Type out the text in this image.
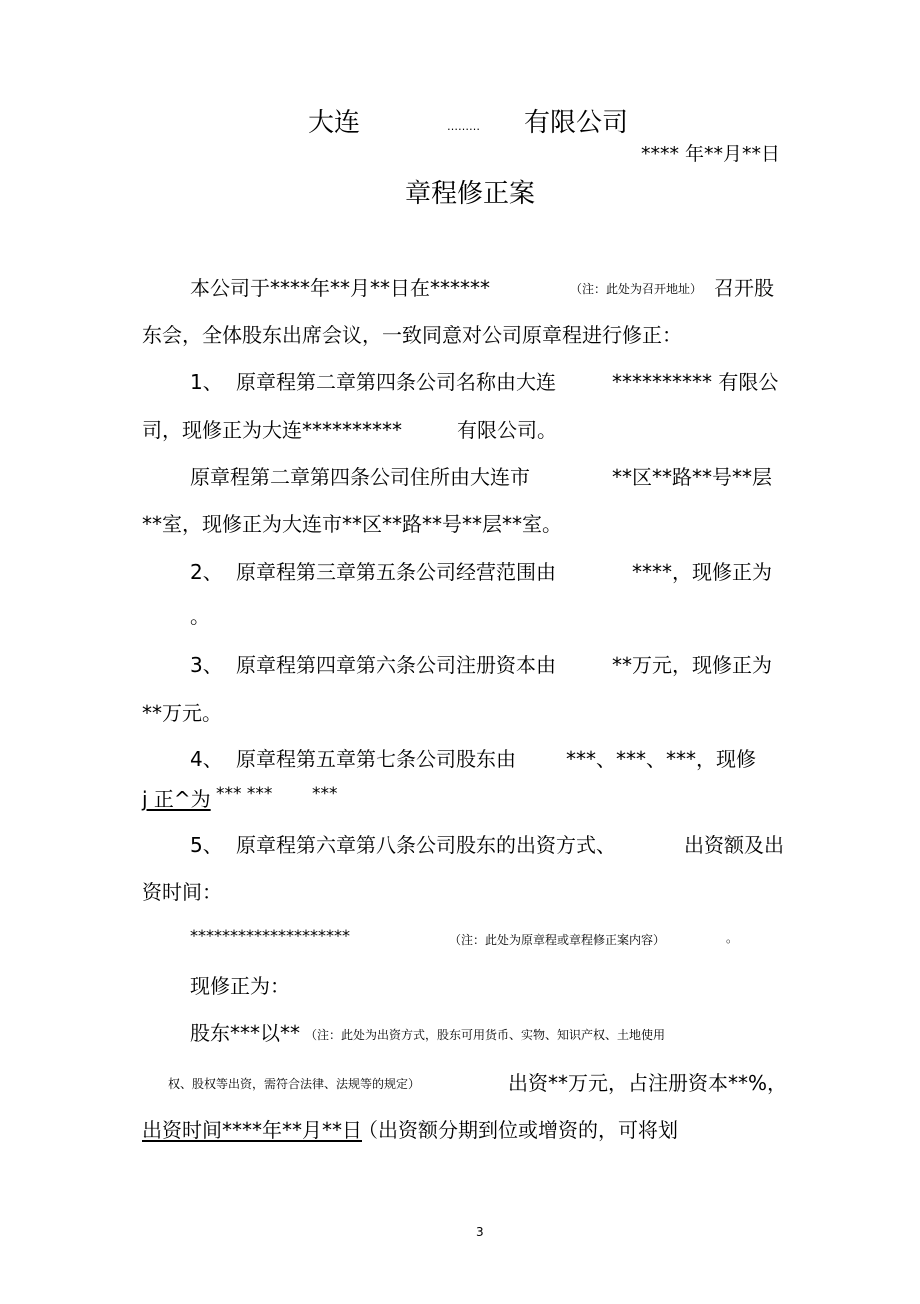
大连	……… 有限公司
**** 年**月**日
章程修正案
本公司于****年**月**日在******	（注：此处为召开地址） 召开股
东会，全体股东出席会议，一致同意对公司原章程进行修正：
1、 原章程第二章第四条公司名称由大连	********** 有限公
司，现修正为大连**********	有限公司。
原章程第二章第四条公司住所由大连市	**区**路**号**层
**室，现修正为大连市**区**路**号**层**室。
2、 原章程第三章第五条公司经营范围由	****，现修正为
。
3、 原章程第四章第六条公司注册资本由	**万元，现修正为
**万元。
4、 原章程第五章第七条公司股东由	***、***、***，现修
j 正^为 *** *** ***
5、 原章程第六章第八条公司股东的出资方式、	出资额及出
资时间：
********************	（注：此处为原章程或章程修正案内容）	。
现修正为：
股东***以** （注：此处为出资方式，股东可用货币、实物、知识产权、土地使用
权、股权等出资，需符合法律、法规等的规定）	出资**万元，占注册资本**%，
出资时间****年**月**日
（出资额分期到位或增资的，可将划
3
